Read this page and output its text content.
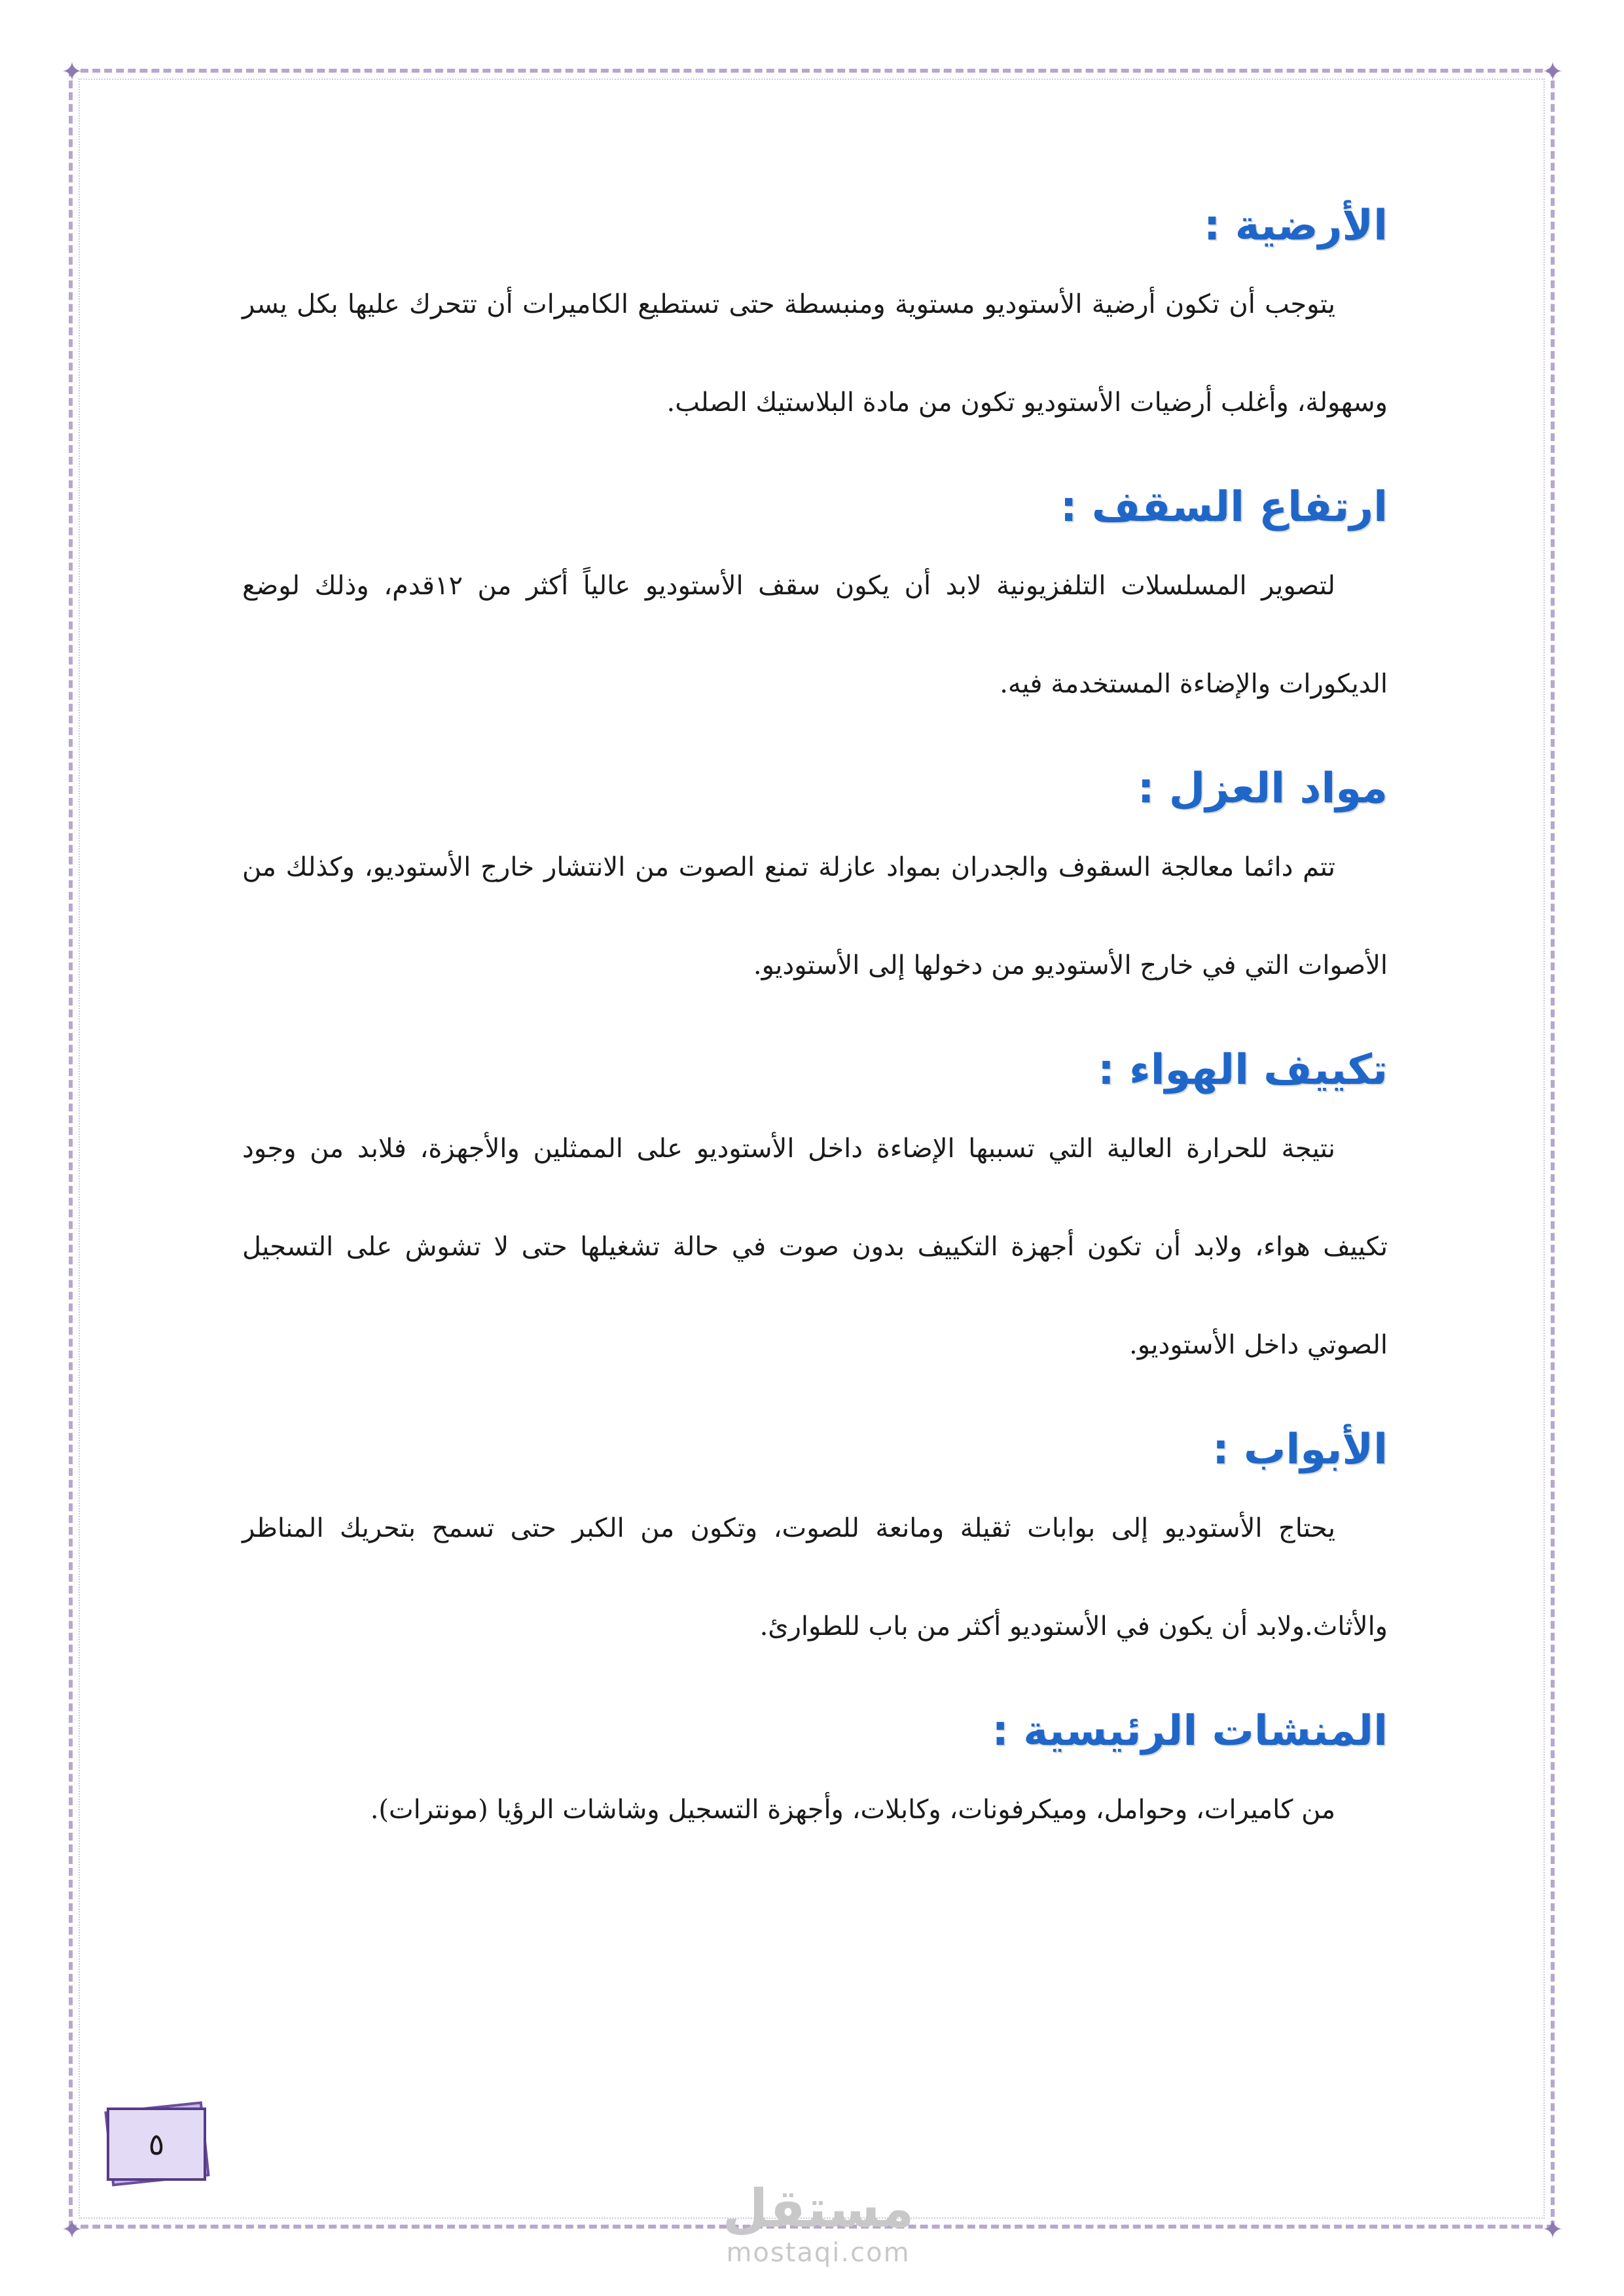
✦	✦
✦	✦
الأرضية :

يتوجب أن تكون أرضية الأستوديو مستوية ومنبسطة حتى تستطيع الكاميرات أن تتحرك عليها بكل يسر وسهولة، وأغلب أرضيات الأستوديو تكون من مادة البلاستيك الصلب.

ارتفاع السقف :

لتصوير المسلسلات التلفزيونية لابد أن يكون سقف الأستوديو عالياً أكثر من ١٢قدم، وذلك لوضع الديكورات والإضاءة المستخدمة فيه.

مواد العزل :

تتم دائما معالجة السقوف والجدران بمواد عازلة تمنع الصوت من الانتشار خارج الأستوديو، وكذلك من الأصوات التي في خارج الأستوديو من دخولها إلى الأستوديو.

تكييف الهواء :

نتيجة للحرارة العالية التي تسببها الإضاءة داخل الأستوديو على الممثلين والأجهزة، فلابد من وجود تكييف هواء، ولابد أن تكون أجهزة التكييف بدون صوت في حالة تشغيلها حتى لا تشوش على التسجيل الصوتي داخل الأستوديو.

الأبواب :

يحتاج الأستوديو إلى بوابات ثقيلة ومانعة للصوت، وتكون من الكبر حتى تسمح بتحريك المناظر والأثاث.ولابد أن يكون في الأستوديو أكثر من باب للطوارئ.

المنشات الرئيسية :

من كاميرات، وحوامل، وميكرفونات، وكابلات، وأجهزة التسجيل وشاشات الرؤيا (مونترات).

٥
مستقل
mostaqi.com
